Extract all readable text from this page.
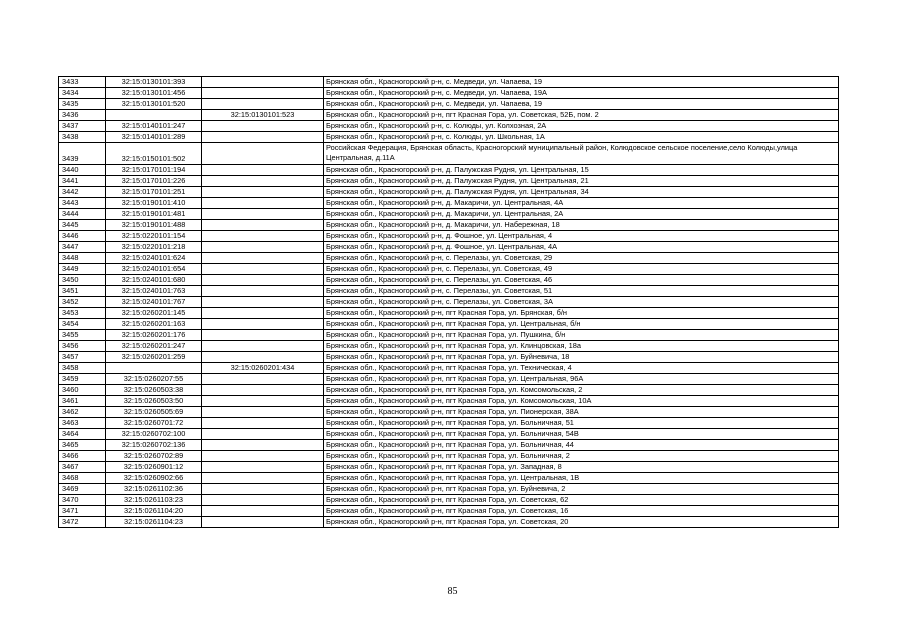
3433	32:15:0130101:393		Брянская обл., Красногорский р-н, с. Медведи, ул. Чапаева, 19
3434	32:15:0130101:456		Брянская обл., Красногорский р-н, с. Медведи, ул. Чапаева, 19А
3435	32:15:0130101:520		Брянская обл., Красногорский р-н, с. Медведи, ул. Чапаева, 19
3436		32:15:0130101:523	Брянская обл., Красногорский р-н, пгт Красная Гора, ул. Советская, 52Б, пом. 2
3437	32:15:0140101:247		Брянская обл., Красногорский р-н, с. Колюды, ул. Колхозная, 2А
3438	32:15:0140101:289		Брянская обл., Красногорский р-н, с. Колюды, ул. Школьная, 1А
3439	32:15:0150101:502		Российская Федерация, Брянская область, Красногорский муниципальный район, Колюдовское сельское поселение,село Колюды,улица Центральная, д.11А
3440	32:15:0170101:194		Брянская обл., Красногорский р-н, д. Палужская Рудня, ул. Центральная, 15
3441	32:15:0170101:226		Брянская обл., Красногорский р-н, д. Палужская Рудня, ул. Центральная, 21
3442	32:15:0170101:251		Брянская обл., Красногорский р-н, д. Палужская Рудня, ул. Центральная, 34
3443	32:15:0190101:410		Брянская обл., Красногорский р-н, д. Макаричи, ул. Центральная, 4А
3444	32:15:0190101:481		Брянская обл., Красногорский р-н, д. Макаричи, ул. Центральная, 2А
3445	32:15:0190101:488		Брянская обл., Красногорский р-н, д. Макаричи, ул. Набережная, 18
3446	32:15:0220101:154		Брянская обл., Красногорский р-н, д. Фошное, ул. Центральная, 4
3447	32:15:0220101:218		Брянская обл., Красногорский р-н, д. Фошное, ул. Центральная, 4А
3448	32:15:0240101:624		Брянская обл., Красногорский р-н, с. Перелазы, ул. Советская, 29
3449	32:15:0240101:654		Брянская обл., Красногорский р-н, с. Перелазы, ул. Советская, 49
3450	32:15:0240101:680		Брянская обл., Красногорский р-н, с. Перелазы, ул. Советская, 46
3451	32:15:0240101:763		Брянская обл., Красногорский р-н, с. Перелазы, ул. Советская, 51
3452	32:15:0240101:767		Брянская обл., Красногорский р-н, с. Перелазы, ул. Советская, 3А
3453	32:15:0260201:145		Брянская обл., Красногорский р-н, пгт Красная Гора, ул. Брянская, б/н
3454	32:15:0260201:163		Брянская обл., Красногорский р-н, пгт Красная Гора, ул. Центральная, б/н
3455	32:15:0260201:176		Брянская обл., Красногорский р-н, пгт Красная Гора, ул. Пушкина, б/н
3456	32:15:0260201:247		Брянская обл., Красногорский р-н, пгт Красная Гора, ул. Клинцовская, 18а
3457	32:15:0260201:259		Брянская обл., Красногорский р-н, пгт Красная Гора, ул. Буйневича, 18
3458		32:15:0260201:434	Брянская обл., Красногорский р-н, пгт Красная Гора, ул. Техническая, 4
3459	32:15:0260207:55		Брянская обл., Красногорский р-н, пгт Красная Гора, ул. Центральная, 96А
3460	32:15:0260503:38		Брянская обл., Красногорский р-н, пгт Красная Гора, ул. Комсомольская, 2
3461	32:15:0260503:50		Брянская обл., Красногорский р-н, пгт Красная Гора, ул. Комсомольская, 10А
3462	32:15:0260505:69		Брянская обл., Красногорский р-н, пгт Красная Гора, ул. Пионерская, 38А
3463	32:15:0260701:72		Брянская обл., Красногорский р-н, пгт Красная Гора, ул. Больничная, 51
3464	32:15:0260702:100		Брянская обл., Красногорский р-н, пгт Красная Гора, ул. Больничная, 54В
3465	32:15:0260702:136		Брянская обл., Красногорский р-н, пгт Красная Гора, ул. Больничная, 44
3466	32:15:0260702:89		Брянская обл., Красногорский р-н, пгт Красная Гора, ул. Больничная, 2
3467	32:15:0260901:12		Брянская обл., Красногорский р-н, пгт Красная Гора, ул. Западная, 8
3468	32:15:0260902:66		Брянская обл., Красногорский р-н, пгт Красная Гора, ул. Центральная, 1В
3469	32:15:0261102:36		Брянская обл., Красногорский р-н, пгт Красная Гора, ул. Буйневича, 2
3470	32:15:0261103:23		Брянская обл., Красногорский р-н, пгт Красная Гора, ул. Советская, 62
3471	32:15:0261104:20		Брянская обл., Красногорский р-н, пгт Красная Гора, ул. Советская, 16
3472	32:15:0261104:23		Брянская обл., Красногорский р-н, пгт Красная Гора, ул. Советская, 20
85
